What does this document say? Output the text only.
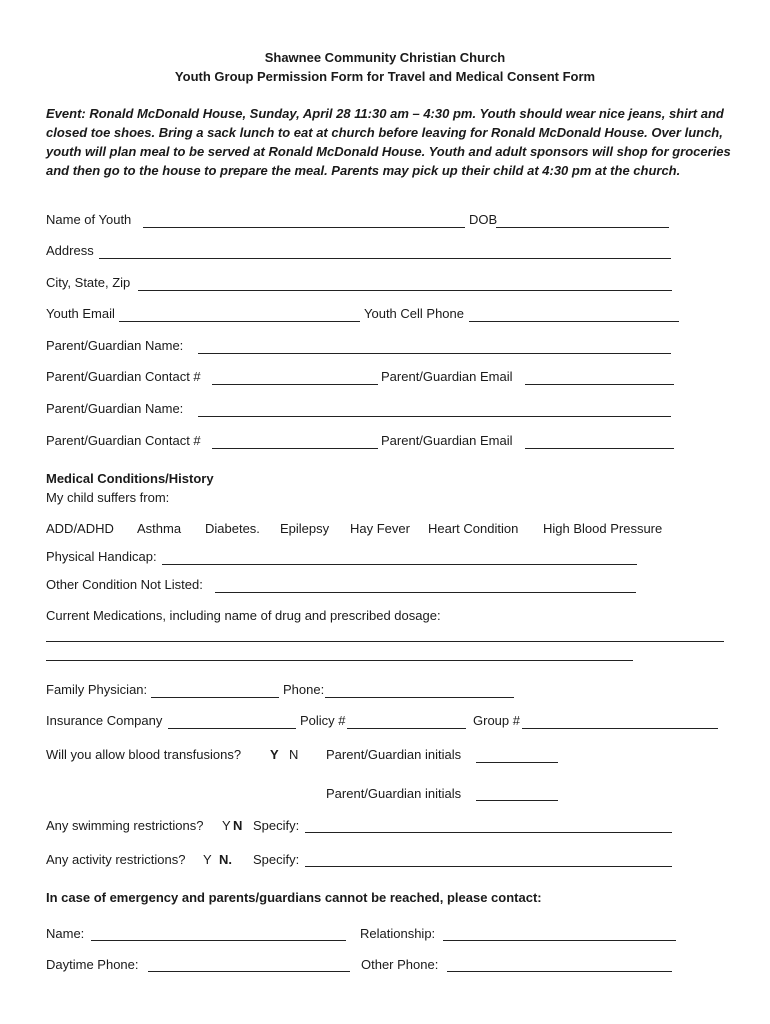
Shawnee Community Christian Church
Youth Group Permission Form for Travel and Medical Consent Form
Event: Ronald McDonald House, Sunday, April 28 11:30 am – 4:30 pm. Youth should wear nice jeans, shirt and closed toe shoes. Bring a sack lunch to eat at church before leaving for Ronald McDonald House. Over lunch, youth will plan meal to be served at Ronald McDonald House. Youth and adult sponsors will shop for groceries and then go to the house to prepare the meal. Parents may pick up their child at 4:30 pm at the church.
Name of Youth	DOB
Address
City, State, Zip
Youth Email	Youth Cell Phone
Parent/Guardian Name:
Parent/Guardian Contact #	Parent/Guardian Email
Parent/Guardian Name:
Parent/Guardian Contact #	Parent/Guardian Email
Medical Conditions/History
My child suffers from:
ADD/ADHD Asthma Diabetes. Epilepsy Hay Fever Heart Condition High Blood Pressure
Physical Handicap:
Other Condition Not Listed:
Current Medications, including name of drug and prescribed dosage:
Family Physician:	Phone:
Insurance Company	Policy #	Group #
Will you allow blood transfusions? Y N Parent/Guardian initials
Parent/Guardian initials
Any swimming restrictions? Y N Specify:
Any activity restrictions? Y N. Specify:
In case of emergency and parents/guardians cannot be reached, please contact:
Name:	Relationship:
Daytime Phone:	Other Phone:
